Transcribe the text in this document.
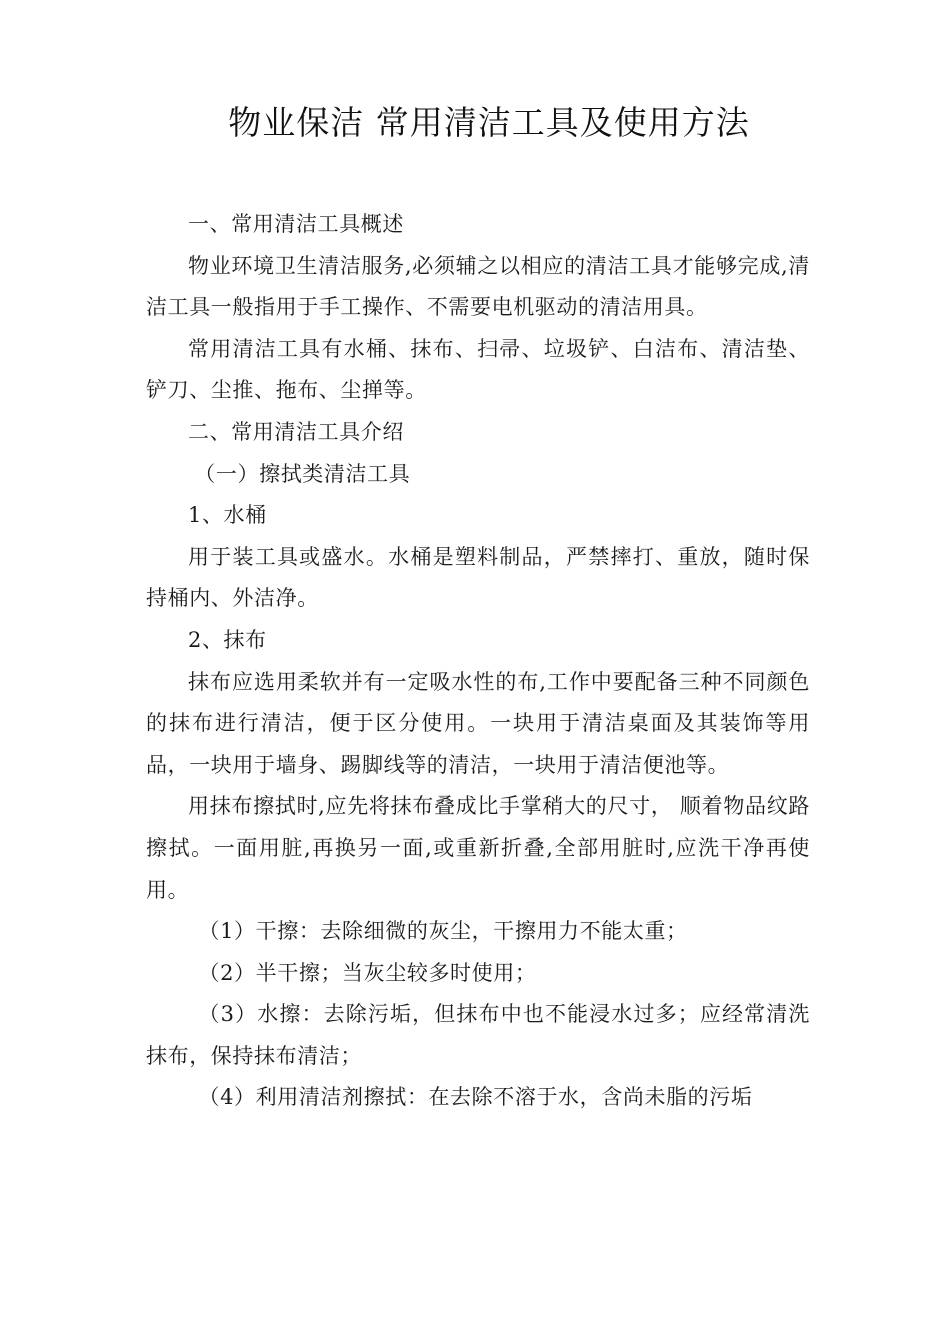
物业保洁 常用清洁工具及使用方法

一、常用清洁工具概述

物业环境卫生清洁服务,必须辅之以相应的清洁工具才能够完成,清洁工具一般指用于手工操作、不需要电机驱动的清洁用具。

常用清洁工具有水桶、抹布、扫帚、垃圾铲、白洁布、清洁垫、铲刀、尘推、拖布、尘掸等。

二、常用清洁工具介绍

（一）擦拭类清洁工具

1、水桶

用于装工具或盛水。水桶是塑料制品，严禁摔打、重放，随时保持桶内、外洁净。

2、抹布

抹布应选用柔软并有一定吸水性的布,工作中要配备三种不同颜色的抹布进行清洁，便于区分使用。一块用于清洁桌面及其装饰等用品，一块用于墙身、踢脚线等的清洁，一块用于清洁便池等。

用抹布擦拭时,应先将抹布叠成比手掌稍大的尺寸， 顺着物品纹路擦拭。一面用脏,再换另一面,或重新折叠,全部用脏时,应洗干净再使用。

（1）干擦：去除细微的灰尘，干擦用力不能太重；

（2）半干擦；当灰尘较多时使用；

（3）水擦：去除污垢，但抹布中也不能浸水过多；应经常清洗抹布，保持抹布清洁；

（4）利用清洁剂擦拭：在去除不溶于水，含尚未脂的污垢
